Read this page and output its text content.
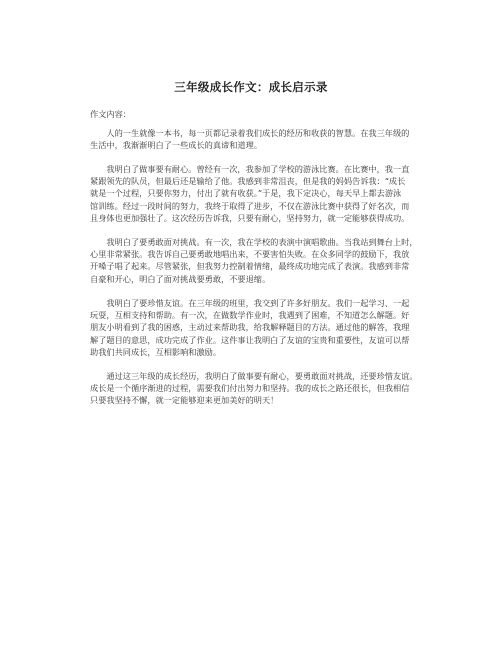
三年级成长作文：成长启示录
作文内容：
　　人的一生就像一本书，每一页都记录着我们成长的经历和收获的智慧。在我三年级的
生活中，我渐渐明白了一些成长的真谛和道理。
　　我明白了做事要有耐心。曾经有一次，我参加了学校的游泳比赛。在比赛中，我一直
紧跟领先的队员，但最后还是输给了他。我感到非常沮丧，但是我的妈妈告诉我：“成长
就是一个过程，只要你努力，付出了就有收获。”于是，我下定决心，每天早上都去游泳
馆训练。经过一段时间的努力，我终于取得了进步，不仅在游泳比赛中获得了好名次，而
且身体也更加强壮了。这次经历告诉我，只要有耐心，坚持努力，就一定能够获得成功。
　　我明白了要勇敢面对挑战。有一次，我在学校的表演中演唱歌曲。当我站到舞台上时，
心里非常紧张。我告诉自己要勇敢地唱出来，不要害怕失败。在众多同学的鼓励下，我放
开嗓子唱了起来。尽管紧张，但我努力控制着情绪，最终成功地完成了表演。我感到非常
自豪和开心，明白了面对挑战要勇敢，不要退缩。
　　我明白了要珍惜友谊。在三年级的班里，我交到了许多好朋友。我们一起学习、一起
玩耍，互相支持和帮助。有一次，在做数学作业时，我遇到了困难，不知道怎么解题。好
朋友小明看到了我的困惑，主动过来帮助我，给我解释题目的方法。通过他的解答，我理
解了题目的意思，成功完成了作业。这件事让我明白了友谊的宝贵和重要性，友谊可以帮
助我们共同成长，互相影响和激励。
　　通过这三年级的成长经历，我明白了做事要有耐心，要勇敢面对挑战，还要珍惜友谊。
成长是一个循序渐进的过程，需要我们付出努力和坚持。我的成长之路还很长，但我相信
只要我坚持不懈，就一定能够迎来更加美好的明天！
